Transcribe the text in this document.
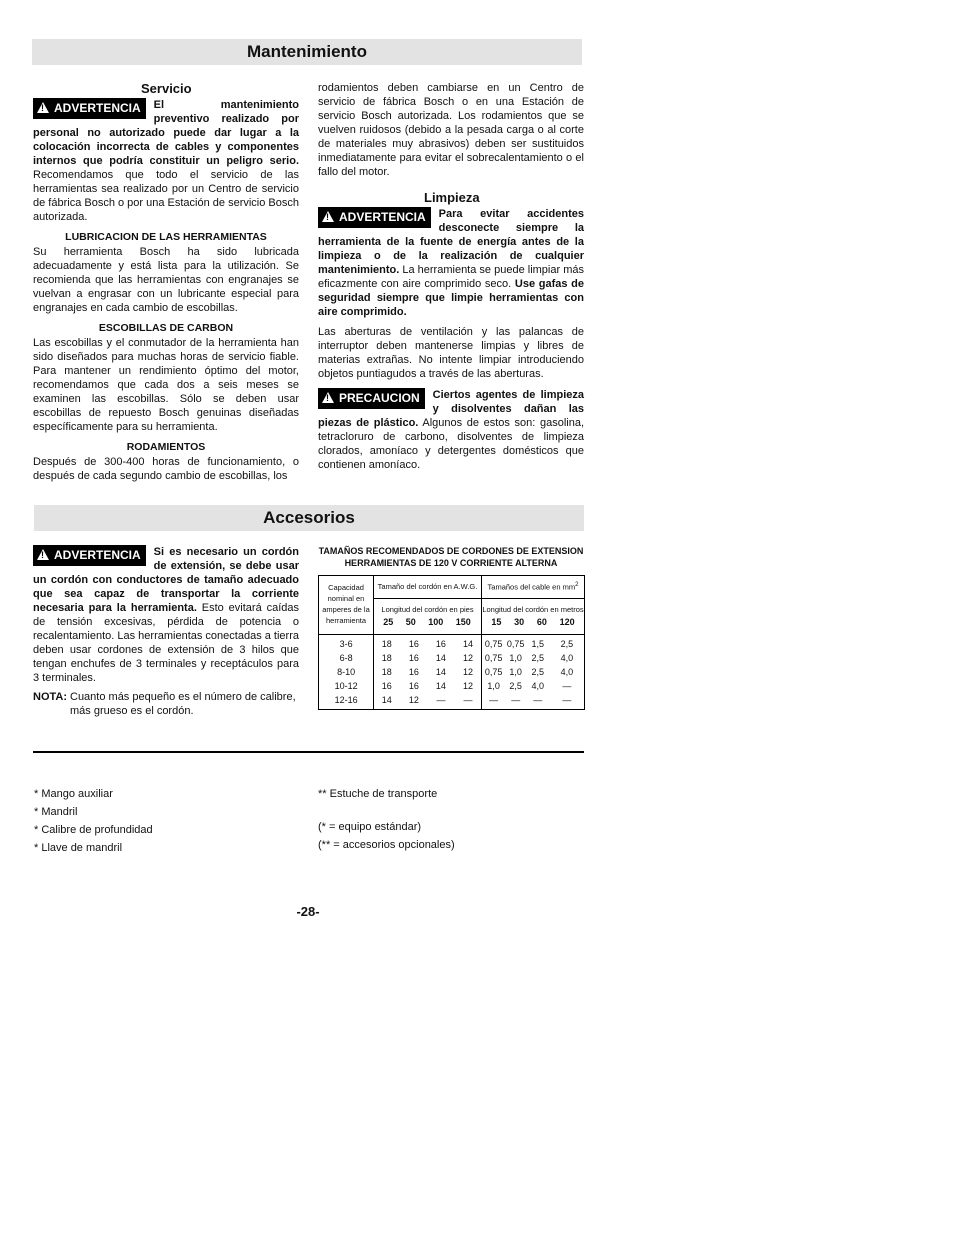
Mantenimiento
Servicio

!ADVERTENCIA	El mantenimiento preventivo realizado por personal no autorizado puede dar lugar a la colocación incorrecta de cables y componentes internos que podría constituir un peligro serio. Recomendamos que todo el servicio de las herramientas sea realizado por un Centro de servicio de fábrica Bosch o por una Estación de servicio Bosch autorizada.

LUBRICACION DE LAS HERRAMIENTAS

Su herramienta Bosch ha sido lubricada adecuadamente y está lista para la utilización. Se recomienda que las herramientas con engranajes se vuelvan a engrasar con un lubricante especial para engranajes en cada cambio de escobillas.

ESCOBILLAS DE CARBON

Las escobillas y el conmutador de la herramienta han sido diseñados para muchas horas de servicio fiable. Para mantener un rendimiento óptimo del motor, recomendamos que cada dos a seis meses se examinen las escobillas. Sólo se deben usar escobillas de repuesto Bosch genuinas diseñadas específicamente para su herramienta.

RODAMIENTOS

Después de 300-400 horas de funcionamiento, o después de cada segundo cambio de escobillas, los

rodamientos deben cambiarse en un Centro de servicio de fábrica Bosch o en una Estación de servicio Bosch autorizada. Los rodamientos que se vuelven ruidosos (debido a la pesada carga o al corte de materiales muy abrasivos) deben ser sustituidos inmediatamente para evitar el sobrecalentamiento o el fallo del motor.

Limpieza

!ADVERTENCIA	Para evitar accidentes desconecte siempre la herramienta de la fuente de energía antes de la limpieza o de la realización de cualquier mantenimiento. La herramienta se puede limpiar más eficazmente con aire comprimido seco. Use gafas de seguridad siempre que limpie herramientas con aire comprimido.

Las aberturas de ventilación y las palancas de interruptor deben mantenerse limpias y libres de materias extrañas. No intente limpiar introduciendo objetos puntiagudos a través de las aberturas.

!PRECAUCION	Ciertos agentes de limpieza y disolventes dañan las piezas de plástico. Algunos de estos son: gasolina, tetracloruro de carbono, disolventes de limpieza clorados, amoníaco y detergentes domésticos que contienen amoníaco.

Accesorios

!ADVERTENCIA	Si es necesario un cordón de extensión, se debe usar un cordón con conductores de tamaño adecuado que sea capaz de transportar la corriente necesaria para la herramienta. Esto evitará caídas de tensión excesivas, pérdida de potencia o recalentamiento. Las herramientas conectadas a tierra deben usar cordones de extensión de 3 hilos que tengan enchufes de 3 terminales y receptáculos para 3 terminales.

NOTA: Cuanto más pequeño es el número de calibre, más grueso es el cordón.
TAMAÑOS RECOMENDADOS DE CORDONES DE EXTENSION
HERRAMIENTAS DE 120 V CORRIENTE ALTERNA
Capacidad
nominal en
amperes de la
herramienta
Tamaño del cordón en A.W.G.	Tamaños del cable en $mm^2$
Longitud del cordón en pies	Longitud del cordón en metros
25 50 100 150 15 30 60 120
3-6	18	16	16	14	0,75	0,75	1,5	2,5
6-8	18	16	14	12	0,75	1,0	2,5	4,0
8-10	18	16	14	12	0,75	1,0	2,5	4,0
10-12	16	16	14	12	1,0	2,5	4,0	—
12-16	14	12	—	—	—	—	—	—
* Mango auxiliar
* Mandril
* Calibre de profundidad
* Llave de mandril
** Estuche de transporte
(* = equipo estándar)
(** = accesorios opcionales)
-28-
